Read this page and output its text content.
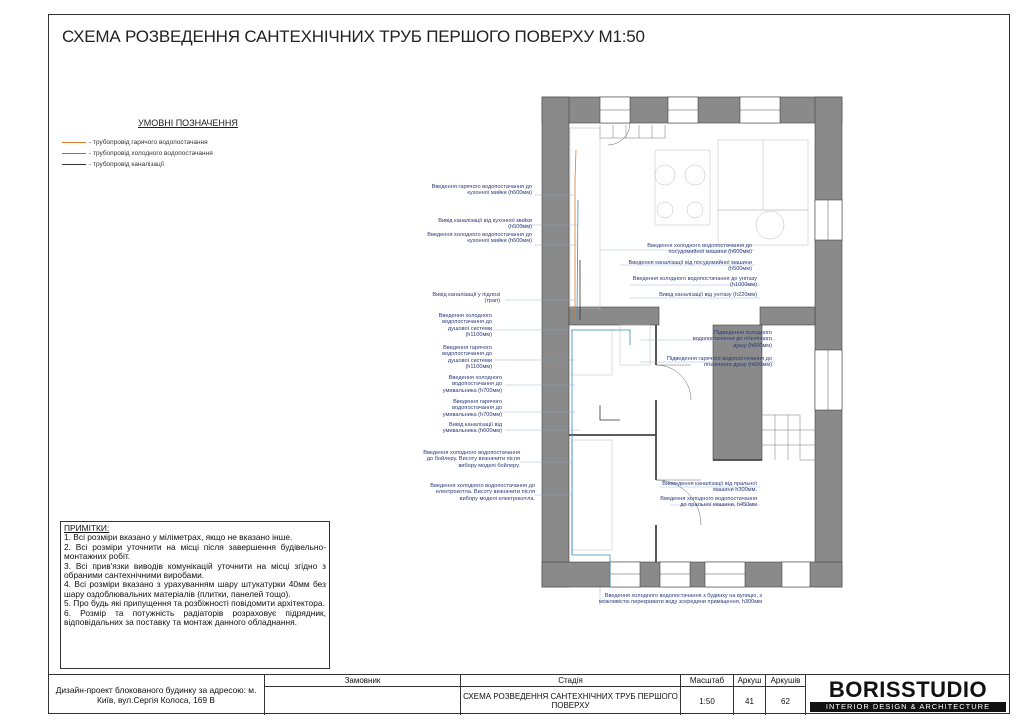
СХЕМА РОЗВЕДЕННЯ САНТЕХНІЧНИХ ТРУБ ПЕРШОГО ПОВЕРХУ М1:50
УМОВНІ ПОЗНАЧЕННЯ
- трубопровід гарячого водопостачання
- трубопровід холодного водопостачання
- трубопровід каналізації
Введення гарячого водопостачання до кухонної мийки (h600мм)
Вивід каналізації від кухонної мийки (h500мм)
Введення холодного водопостачання до кухонної мийки (h600мм)
Вивід каналізації у підлозі (трап)
Введення холодного водопостачання до душової системи (h1100мм)
Введення гарячого водопостачання до душової системи (h1100мм)
Введення холодного водопостачання до умивальника (h700мм)
Введення гарячого водопостачання до умивальника (h700мм)
Вивід каналізації від умивальника (h600мм)
Введення холодного водопостачання до бойлеру. Висоту визначити після вибору моделі бойлеру.
Введення холодного водопостачання до електрокотла. Висоту визначити після вибору моделі електрокотла.
Введення холодного водопостачання до посудомийної машини (h600мм)
Введення каналізації від посудомийної машини (h500мм)
Введення холодного водопостачання до унітазу (h1000мм)
Вивід каналізації від унітазу (h220мм)
Підведення холодного водопостачання до гігієнічного душу (h600мм)
Підведення гарячого водопостачання до гігієнічного душу (h600мм)
Вивведення каналізації від пральної машини h300мм.
Введення холодного водопостачання до пральної машини, h450мм
Введення холодного водопостачання з будинку на вулицю, з можливістю перекривати воду зсередини приміщення, h300мм
ПРИМІТКИ:

1. Всі розміри вказано у міліметрах, якщо не вказано інше.

2. Всі розміри уточнити на місці після завершення будівельно-монтажних робіт.

3. Всі прив'язки виводів комунікацій уточнити на місці згідно з обраними сантехнічними виробами.

4. Всі розміри вказано з урахуванням шару штукатурки 40мм без шару оздоблювальних матеріалів (плитки, панелей тощо).

5. Про будь які припущення та розбіжності повідомити архітектора.

6. Розмір та потужність радіаторів розраховує підрядник, відповідальних за поставку та монтаж данного обладнання.

Дизайн-проект блокованого будинку за адресою: м. Київ, вул.Сергія Колоса, 169 В
Замовник	Стадія
СХЕМА РОЗВЕДЕННЯ САНТЕХНІЧНИХ ТРУБ ПЕРШОГО ПОВЕРХУ
Масштаб
1:50
Аркуш
41
Аркушів
62	BORISSTUDIO
INTERIOR DESIGN & ARCHITECTURE
